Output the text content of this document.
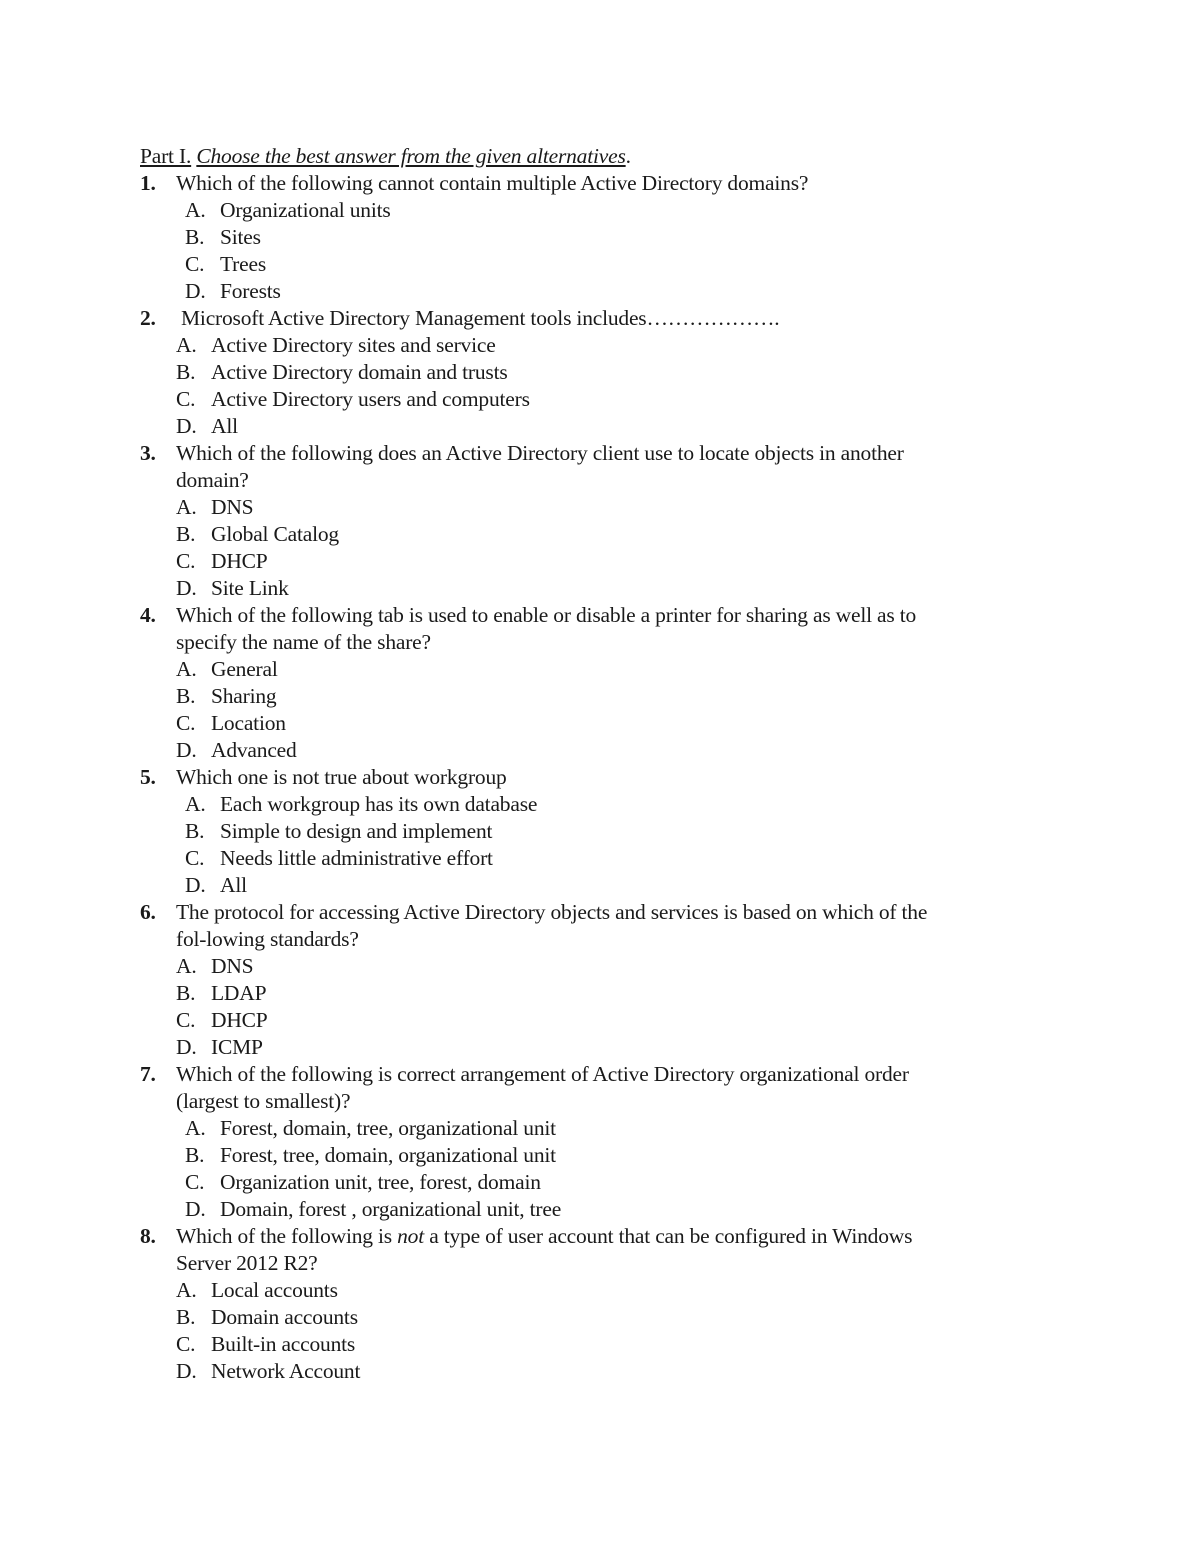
Part I. Choose the best answer from the given alternatives.
1. Which of the following cannot contain multiple Active Directory domains?
A. Organizational units
B. Sites
C. Trees
D. Forests
2. Microsoft Active Directory Management tools includes……………….
A. Active Directory sites and service
B. Active Directory domain and trusts
C. Active Directory users and computers
D. All
3. Which of the following does an Active Directory client use to locate objects in another
domain?
A. DNS
B. Global Catalog
C. DHCP
D. Site Link
4. Which of the following tab is used to enable or disable a printer for sharing as well as to
specify the name of the share?
A. General
B. Sharing
C. Location
D. Advanced
5. Which one is not true about workgroup
A. Each workgroup has its own database
B. Simple to design and implement
C. Needs little administrative effort
D. All
6. The protocol for accessing Active Directory objects and services is based on which of the
fol-lowing standards?
A. DNS
B. LDAP
C. DHCP
D. ICMP
7. Which of the following is correct arrangement of Active Directory organizational order
(largest to smallest)?
A. Forest, domain, tree, organizational unit
B. Forest, tree, domain, organizational unit
C. Organization unit, tree, forest, domain
D. Domain, forest , organizational unit, tree
8. Which of the following is not a type of user account that can be configured in Windows
Server 2012 R2?
A. Local accounts
B. Domain accounts
C. Built-in accounts
D. Network Account
